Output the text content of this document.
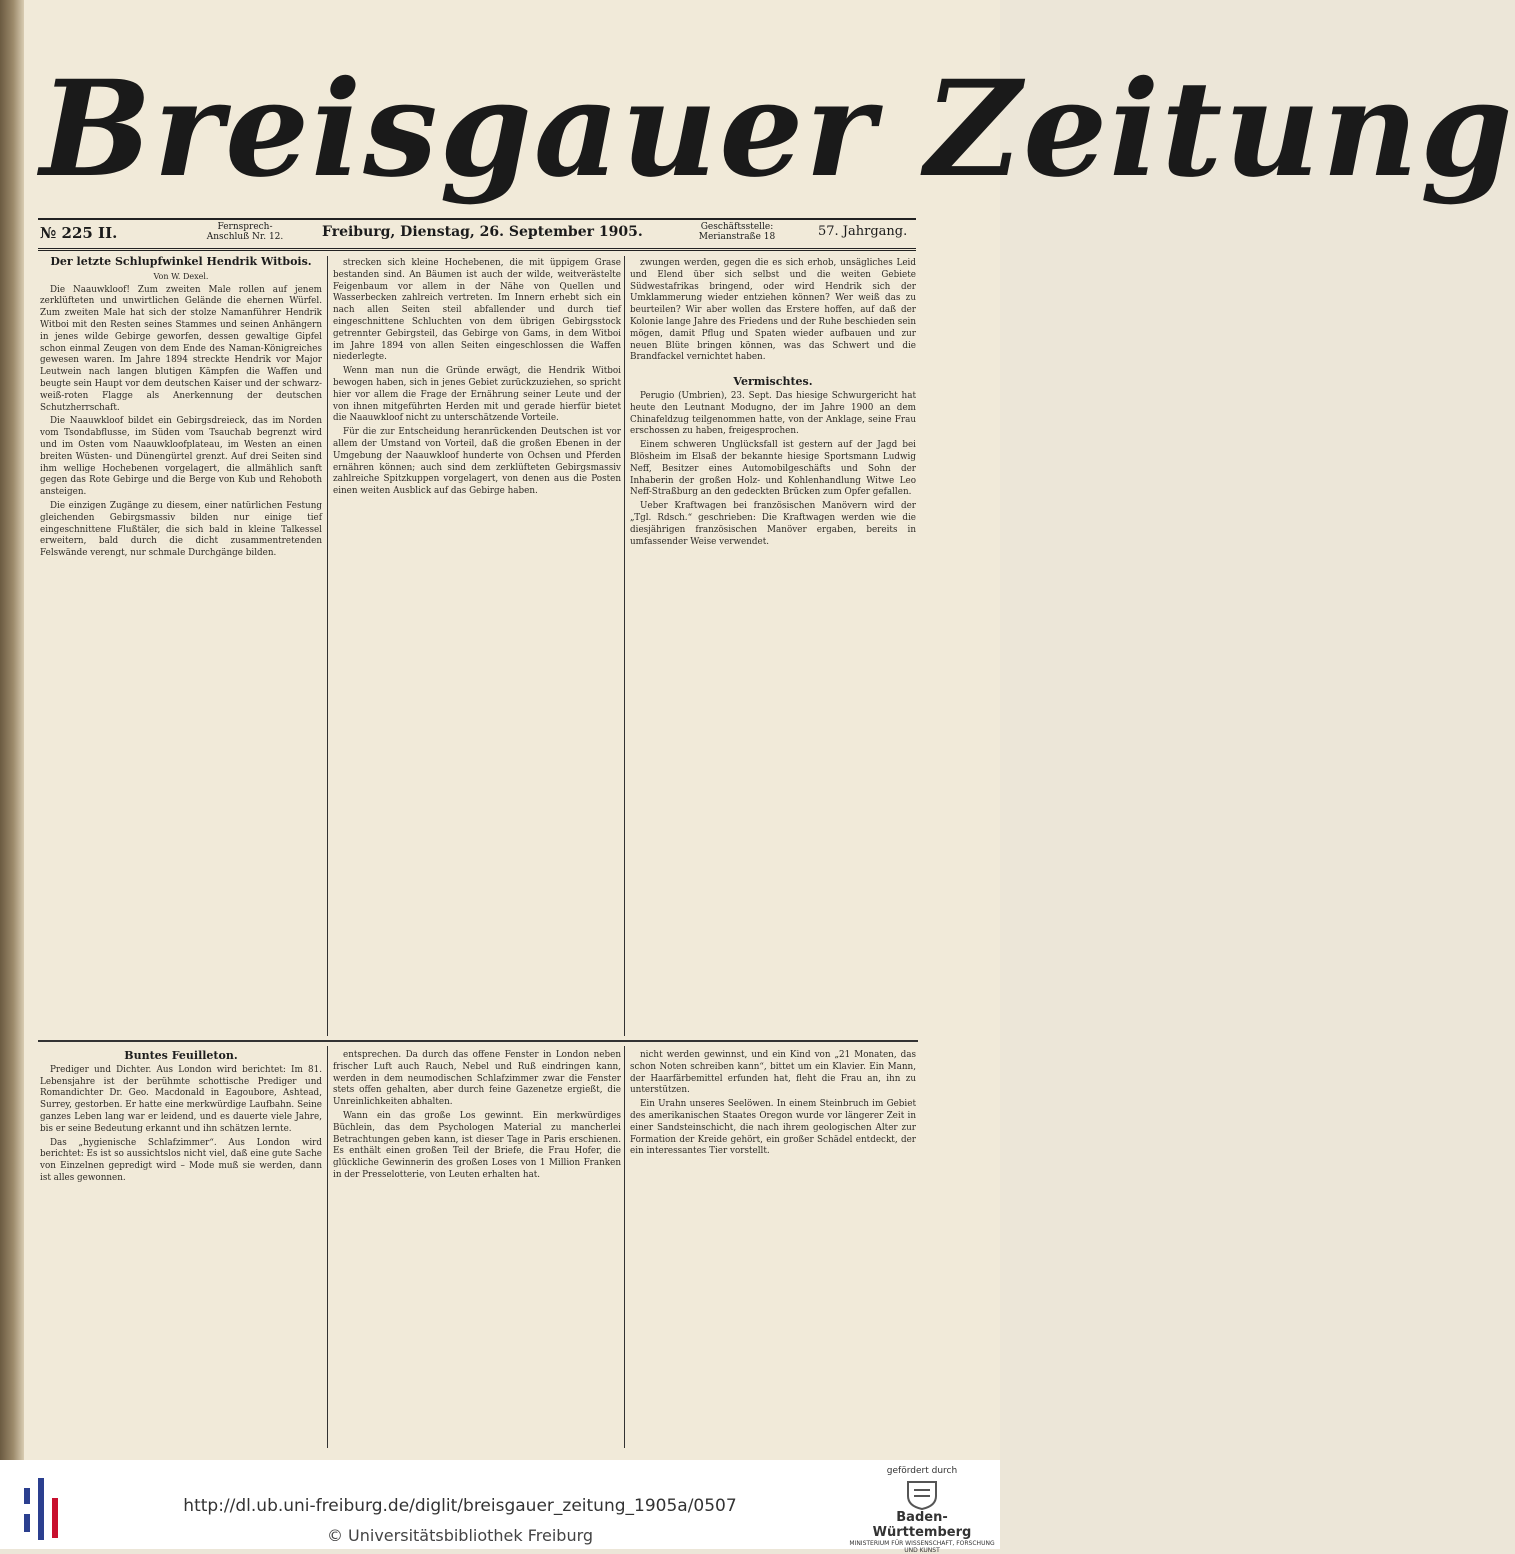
Breisgauer Zeitung
№ 225 II.	Fernsprech-Anschluß Nr. 12.	Freiburg, Dienstag, 26. September 1905.	Geschäftsstelle: Merianstraße 18	57. Jahrgang.
Der letzte Schlupfwinkel Hendrik Witbois.
Von W. Dexel.

Die Naauwkloof! Zum zweiten Male rollen auf jenem zerklüfteten und unwirtlichen Gelände die ehernen Würfel. Zum zweiten Male hat sich der stolze Namanführer Hendrik Witboi mit den Resten seines Stammes und seinen Anhängern in jenes wilde Gebirge geworfen, dessen gewaltige Gipfel schon einmal Zeugen von dem Ende des Naman-Königreiches gewesen waren. Im Jahre 1894 streckte Hendrik vor Major Leutwein nach langen blutigen Kämpfen die Waffen und beugte sein Haupt vor dem deutschen Kaiser und der schwarz-weiß-roten Flagge als Anerkennung der deutschen Schutzherrschaft.

Die Naauwkloof bildet ein Gebirgsdreieck, das im Norden vom Tsondabflusse, im Süden vom Tsauchab begrenzt wird und im Osten vom Naauwkloofplateau, im Westen an einen breiten Wüsten- und Dünengürtel grenzt. Auf drei Seiten sind ihm wellige Hochebenen vorgelagert, die allmählich sanft gegen das Rote Gebirge und die Berge von Kub und Rehoboth ansteigen.

Die einzigen Zugänge zu diesem, einer natürlichen Festung gleichenden Gebirgsmassiv bilden nur einige tief eingeschnittene Flußtäler, die sich bald in kleine Talkessel erweitern, bald durch die dicht zusammentretenden Felswände verengt, nur schmale Durchgänge bilden.

strecken sich kleine Hochebenen, die mit üppigem Grase bestanden sind. An Bäumen ist auch der wilde, weitverästelte Feigenbaum vor allem in der Nähe von Quellen und Wasserbecken zahlreich vertreten. Im Innern erhebt sich ein nach allen Seiten steil abfallender und durch tief eingeschnittene Schluchten von dem übrigen Gebirgsstock getrennter Gebirgsteil, das Gebirge von Gams, in dem Witboi im Jahre 1894 von allen Seiten eingeschlossen die Waffen niederlegte.

Wenn man nun die Gründe erwägt, die Hendrik Witboi bewogen haben, sich in jenes Gebiet zurückzuziehen, so spricht hier vor allem die Frage der Ernährung seiner Leute und der von ihnen mitgeführten Herden mit und gerade hierfür bietet die Naauwkloof nicht zu unterschätzende Vorteile.

Für die zur Entscheidung heranrückenden Deutschen ist vor allem der Umstand von Vorteil, daß die großen Ebenen in der Umgebung der Naauwkloof hunderte von Ochsen und Pferden ernähren können; auch sind dem zerklüfteten Gebirgsmassiv zahlreiche Spitzkuppen vorgelagert, von denen aus die Posten einen weiten Ausblick auf das Gebirge haben.

zwungen werden, gegen die es sich erhob, unsägliches Leid und Elend über sich selbst und die weiten Gebiete Südwestafrikas bringend, oder wird Hendrik sich der Umklammerung wieder entziehen können? Wer weiß das zu beurteilen? Wir aber wollen das Erstere hoffen, auf daß der Kolonie lange Jahre des Friedens und der Ruhe beschieden sein mögen, damit Pflug und Spaten wieder aufbauen und zur neuen Blüte bringen können, was das Schwert und die Brandfackel vernichtet haben.

Vermischtes.

Perugio (Umbrien), 23. Sept. Das hiesige Schwurgericht hat heute den Leutnant Modugno, der im Jahre 1900 an dem Chinafeldzug teilgenommen hatte, von der Anklage, seine Frau erschossen zu haben, freigesprochen.

Einem schweren Unglücksfall ist gestern auf der Jagd bei Blösheim im Elsaß der bekannte hiesige Sportsmann Ludwig Neff, Besitzer eines Automobilgeschäfts und Sohn der Inhaberin der großen Holz- und Kohlenhandlung Witwe Leo Neff-Straßburg an den gedeckten Brücken zum Opfer gefallen.

Ueber Kraftwagen bei französischen Manövern wird der „Tgl. Rdsch.“ geschrieben: Die Kraftwagen werden wie die diesjährigen französischen Manöver ergaben, bereits in umfassender Weise verwendet.

Buntes Feuilleton.

Prediger und Dichter. Aus London wird berichtet: Im 81. Lebensjahre ist der berühmte schottische Prediger und Romandichter Dr. Geo. Macdonald in Eagoubore, Ashtead, Surrey, gestorben. Er hatte eine merkwürdige Laufbahn. Seine ganzes Leben lang war er leidend, und es dauerte viele Jahre, bis er seine Bedeutung erkannt und ihn schätzen lernte.

Das „hygienische Schlafzimmer“. Aus London wird berichtet: Es ist so aussichtslos nicht viel, daß eine gute Sache von Einzelnen gepredigt wird – Mode muß sie werden, dann ist alles gewonnen.

entsprechen. Da durch das offene Fenster in London neben frischer Luft auch Rauch, Nebel und Ruß eindringen kann, werden in dem neumodischen Schlafzimmer zwar die Fenster stets offen gehalten, aber durch feine Gazenetze ergießt, die Unreinlichkeiten abhalten.

Wann ein das große Los gewinnt. Ein merkwürdiges Büchlein, das dem Psychologen Material zu mancherlei Betrachtungen geben kann, ist dieser Tage in Paris erschienen. Es enthält einen großen Teil der Briefe, die Frau Hofer, die glückliche Gewinnerin des großen Loses von 1 Million Franken in der Presselotterie, von Leuten erhalten hat.

nicht werden gewinnst, und ein Kind von „21 Monaten, das schon Noten schreiben kann“, bittet um ein Klavier. Ein Mann, der Haarfärbemittel erfunden hat, fleht die Frau an, ihn zu unterstützen.

Ein Urahn unseres Seelöwen. In einem Steinbruch im Gebiet des amerikanischen Staates Oregon wurde vor längerer Zeit in einer Sandsteinschicht, die nach ihrem geologischen Alter zur Formation der Kreide gehört, ein großer Schädel entdeckt, der ein interessantes Tier vorstellt.

http://dl.ub.uni-freiburg.de/diglit/breisgauer_zeitung_1905a/0507
© Universitätsbibliothek Freiburg
gefördert durch
Baden-Württemberg
MINISTERIUM FÜR WISSENSCHAFT, FORSCHUNG UND KUNST
